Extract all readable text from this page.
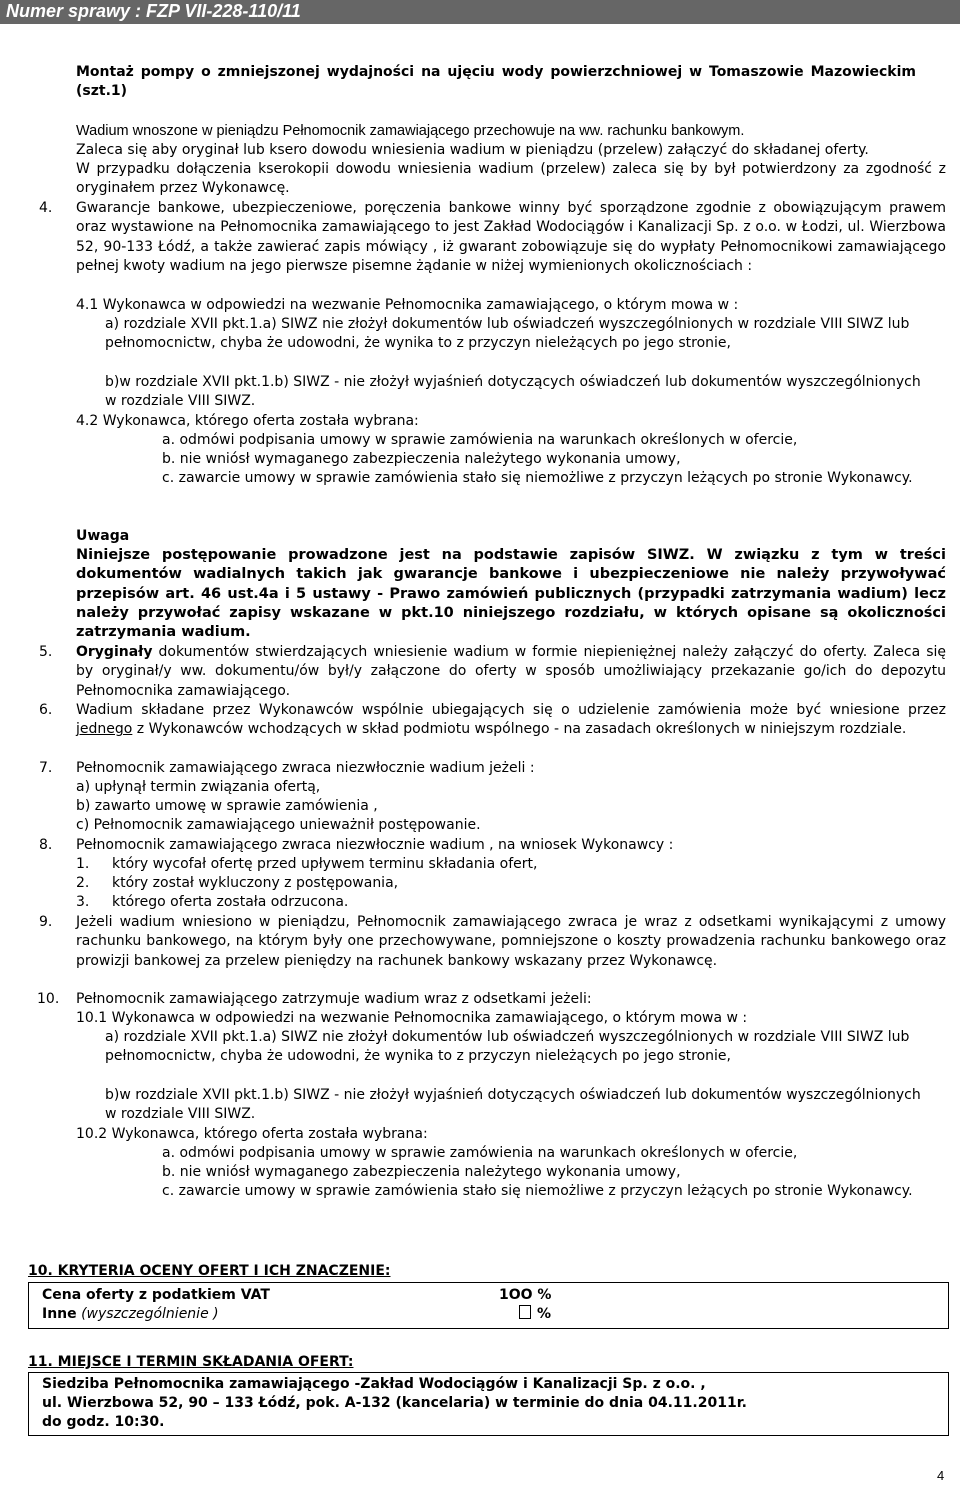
Numer sprawy : FZP VII-228-110/11

Montaż pompy o zmniejszonej wydajności na ujęciu wody powierzchniowej w Tomaszowie Mazowieckim (szt.1)

Wadium wnoszone w pieniądzu Pełnomocnik zamawiającego przechowuje na ww. rachunku bankowym.

Zaleca się aby oryginał lub ksero dowodu wniesienia wadium w pieniądzu (przelew) załączyć do składanej oferty.

W przypadku dołączenia kserokopii dowodu wniesienia wadium (przelew) zaleca się by był potwierdzony za zgodność z oryginałem przez Wykonawcę.

4. Gwarancje bankowe, ubezpieczeniowe, poręczenia bankowe winny być sporządzone zgodnie z obowiązującym prawem oraz wystawione na Pełnomocnika zamawiającego to jest Zakład Wodociągów i Kanalizacji Sp. z o.o. w Łodzi, ul. Wierzbowa 52, 90-133 Łódź, a także zawierać zapis mówiący , iż gwarant zobowiązuje się do wypłaty Pełnomocnikowi zamawiającego pełnej kwoty wadium na jego pierwsze pisemne żądanie w niżej wymienionych okolicznościach :

4.1 Wykonawca w odpowiedzi na wezwanie Pełnomocnika zamawiającego, o którym mowa w :

a) rozdziale XVII pkt.1.a) SIWZ nie złożył dokumentów lub oświadczeń wyszczególnionych w rozdziale VIII SIWZ lub pełnomocnictw, chyba że udowodni, że wynika to z przyczyn nieleżących po jego stronie,

b)w rozdziale XVII pkt.1.b) SIWZ - nie złożył wyjaśnień dotyczących oświadczeń lub dokumentów wyszczególnionych w rozdziale VIII SIWZ.

4.2 Wykonawca, którego oferta została wybrana:

a. odmówi podpisania umowy w sprawie zamówienia na warunkach określonych w ofercie,

b. nie wniósł wymaganego zabezpieczenia należytego wykonania umowy,

c. zawarcie umowy w sprawie zamówienia stało się niemożliwe z przyczyn leżących po stronie Wykonawcy.

Uwaga

Niniejsze postępowanie prowadzone jest na podstawie zapisów SIWZ. W związku z tym w treści dokumentów wadialnych takich jak gwarancje bankowe i ubezpieczeniowe nie należy przywoływać przepisów art. 46 ust.4a i 5 ustawy - Prawo zamówień publicznych (przypadki zatrzymania wadium) lecz należy przywołać zapisy wskazane w pkt.10 niniejszego rozdziału, w których opisane są okoliczności zatrzymania wadium.

5. Oryginały dokumentów stwierdzających wniesienie wadium w formie niepieniężnej należy załączyć do oferty. Zaleca się by oryginał/y ww. dokumentu/ów był/y załączone do oferty w sposób umożliwiający przekazanie go/ich do depozytu Pełnomocnika zamawiającego.

6. Wadium składane przez Wykonawców wspólnie ubiegających się o udzielenie zamówienia może być wniesione przez jednego z Wykonawców wchodzących w skład podmiotu wspólnego - na zasadach określonych w niniejszym rozdziale.

7. Pełnomocnik zamawiającego zwraca niezwłocznie wadium jeżeli :

a) upłynął termin związania ofertą,

b) zawarto umowę w sprawie zamówienia ,

c) Pełnomocnik zamawiającego unieważnił postępowanie.

8. Pełnomocnik zamawiającego zwraca niezwłocznie wadium , na wniosek Wykonawcy :

1. który wycofał ofertę przed upływem terminu składania ofert,
2. który został wykluczony z postępowania,
3. którego oferta została odrzucona.
9. Jeżeli wadium wniesiono w pieniądzu, Pełnomocnik zamawiającego zwraca je wraz z odsetkami wynikającymi z umowy rachunku bankowego, na którym były one przechowywane, pomniejszone o koszty prowadzenia rachunku bankowego oraz prowizji bankowej za przelew pieniędzy na rachunek bankowy wskazany przez Wykonawcę.

10. Pełnomocnik zamawiającego zatrzymuje wadium wraz z odsetkami jeżeli:

10.1 Wykonawca w odpowiedzi na wezwanie Pełnomocnika zamawiającego, o którym mowa w :

a) rozdziale XVII pkt.1.a) SIWZ nie złożył dokumentów lub oświadczeń wyszczególnionych w rozdziale VIII SIWZ lub pełnomocnictw, chyba że udowodni, że wynika to z przyczyn nieleżących po jego stronie,

b)w rozdziale XVII pkt.1.b) SIWZ - nie złożył wyjaśnień dotyczących oświadczeń lub dokumentów wyszczególnionych w rozdziale VIII SIWZ.

10.2 Wykonawca, którego oferta została wybrana:

a. odmówi podpisania umowy w sprawie zamówienia na warunkach określonych w ofercie,

b. nie wniósł wymaganego zabezpieczenia należytego wykonania umowy,

c. zawarcie umowy w sprawie zamówienia stało się niemożliwe z przyczyn leżących po stronie Wykonawcy.

10. KRYTERIA OCENY OFERT I ICH ZNACZENIE:
Cena oferty z podatkiem VAT	1OO %
Inne (wyszczególnienie )	%
11. MIEJSCE I TERMIN SKŁADANIA OFERT:
Siedziba Pełnomocnika zamawiającego -Zakład Wodociągów i Kanalizacji Sp. z o.o. ,
ul. Wierzbowa 52, 90 – 133 Łódź, pok. A-132 (kancelaria) w terminie do dnia 04.11.2011r.
do godz. 10:30.
4
